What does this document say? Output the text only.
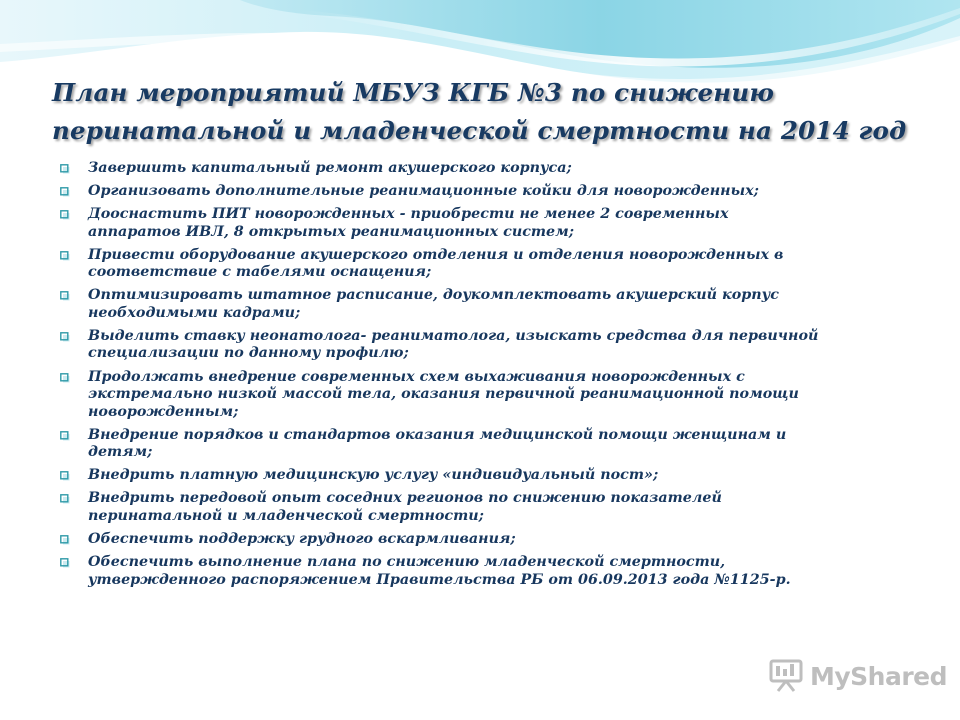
План мероприятий МБУЗ КГБ №3 по снижению
перинатальной и младенческой смертности на 2014 год
Завершить капитальный ремонт акушерского корпуса;
Организовать дополнительные реанимационные койки для новорожденных;
Дооснастить ПИТ новорожденных - приобрести не менее 2 современных
аппаратов ИВЛ, 8 открытых реанимационных систем;
Привести оборудование акушерского отделения и отделения новорожденных в
соответствие с табелями оснащения;
Оптимизировать штатное расписание, доукомплектовать акушерский корпус
необходимыми кадрами;
Выделить ставку неонатолога- реаниматолога, изыскать средства для первичной
специализации по данному профилю;
Продолжать внедрение современных схем выхаживания новорожденных с
экстремально низкой массой тела, оказания первичной реанимационной помощи
новорожденным;
Внедрение порядков и стандартов оказания медицинской помощи женщинам и
детям;
Внедрить платную медицинскую услугу «индивидуальный пост»;
Внедрить передовой опыт соседних регионов по снижению показателей
перинатальной и младенческой смертности;
Обеспечить поддержку грудного вскармливания;
Обеспечить выполнение плана по снижению младенческой смертности,
утвержденного распоряжением Правительства РБ от 06.09.2013 года №1125-р.
MyShared
